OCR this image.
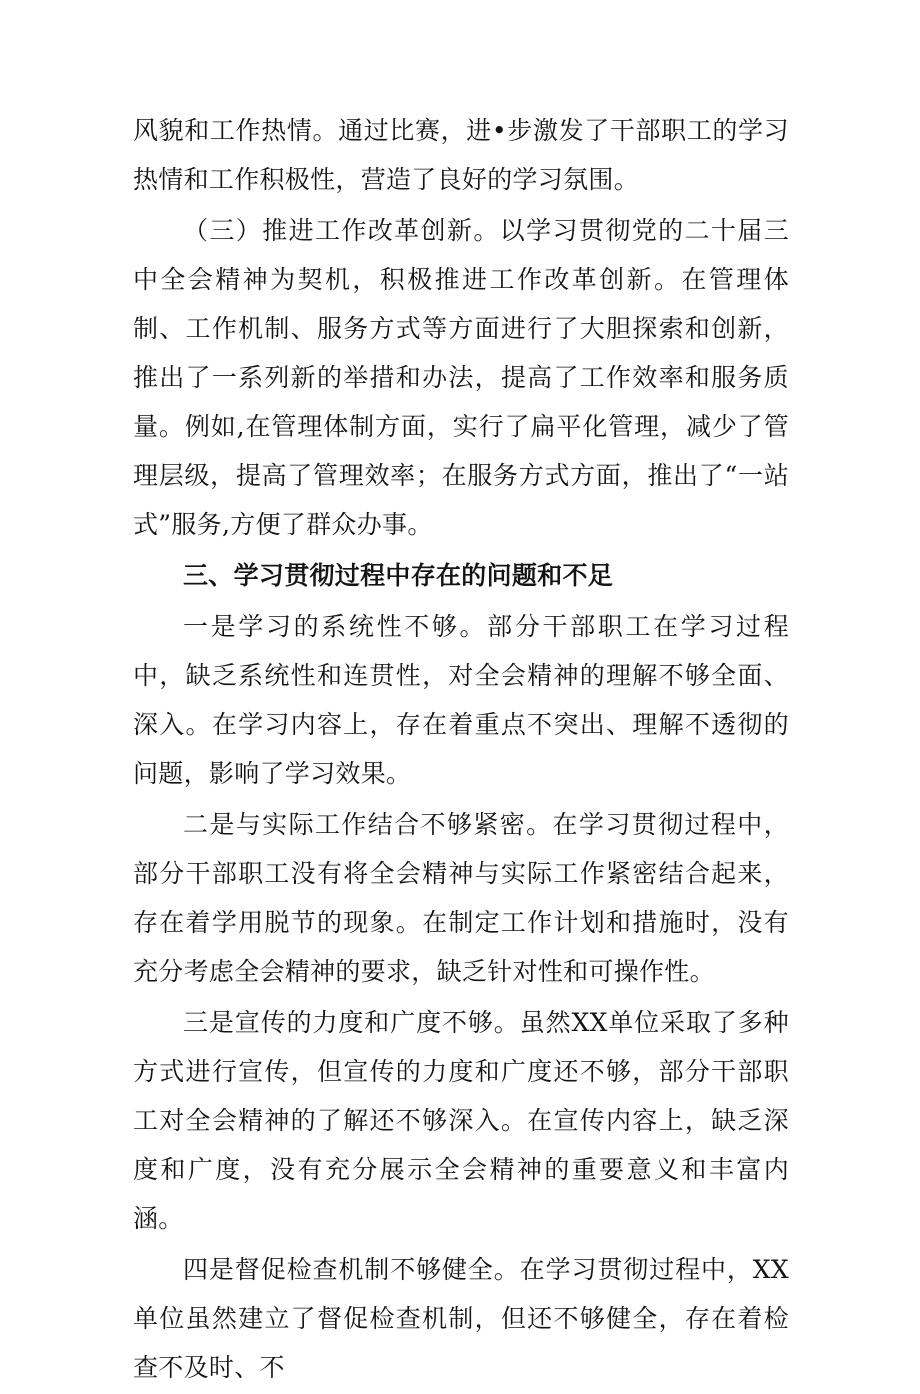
风貌和工作热情。通过比赛，进•步激发了干部职工的学习热情和工作积极性，营造了良好的学习氛围。

（三）推进工作改革创新。以学习贯彻党的二十届三中全会精神为契机，积极推进工作改革创新。在管理体制、工作机制、服务方式等方面进行了大胆探索和创新，推出了一系列新的举措和办法，提高了工作效率和服务质量。例如,在管理体制方面，实行了扁平化管理，减少了管理层级，提高了管理效率；在服务方式方面，推出了“一站式”服务,方便了群众办事。

三、学习贯彻过程中存在的问题和不足

一是学习的系统性不够。部分干部职工在学习过程中，缺乏系统性和连贯性，对全会精神的理解不够全面、深入。在学习内容上，存在着重点不突出、理解不透彻的问题，影响了学习效果。

二是与实际工作结合不够紧密。在学习贯彻过程中，部分干部职工没有将全会精神与实际工作紧密结合起来，存在着学用脱节的现象。在制定工作计划和措施时，没有充分考虑全会精神的要求，缺乏针对性和可操作性。

三是宣传的力度和广度不够。虽然XX单位采取了多种方式进行宣传，但宣传的力度和广度还不够，部分干部职工对全会精神的了解还不够深入。在宣传内容上，缺乏深度和广度，没有充分展示全会精神的重要意义和丰富内涵。

四是督促检查机制不够健全。在学习贯彻过程中，XX单位虽然建立了督促检查机制，但还不够健全，存在着检查不及时、不
